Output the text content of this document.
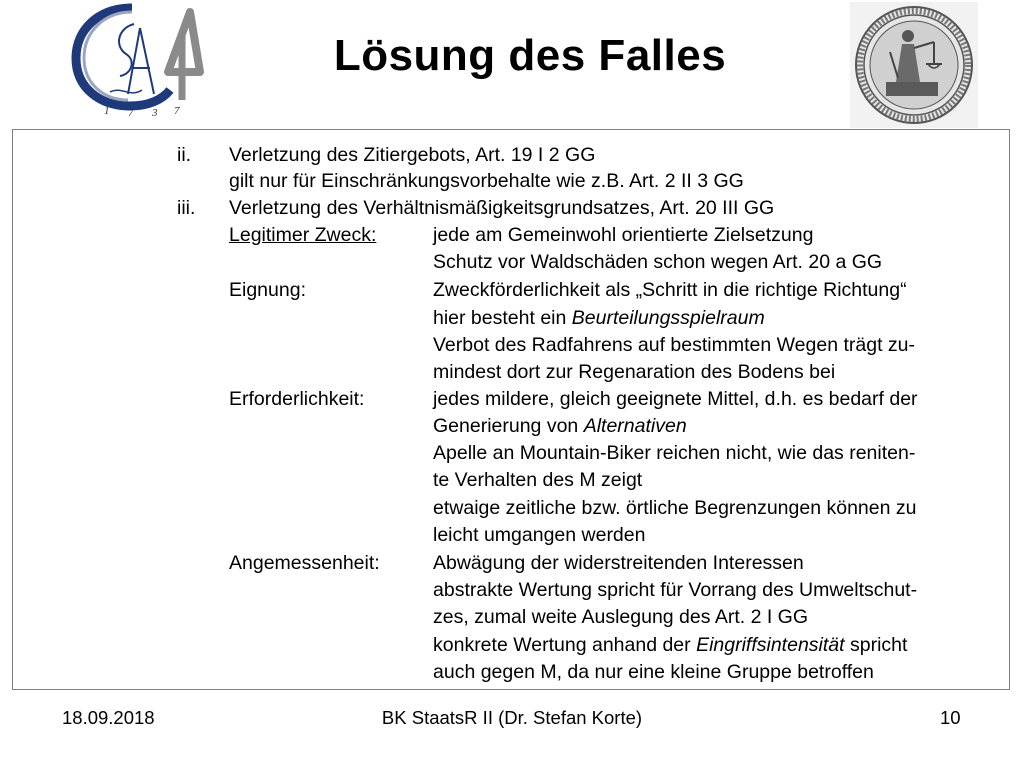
1 7 3 7
Lösung des Falles
ii. Verletzung des Zitiergebots, Art. 19 I 2 GG
gilt nur für Einschränkungsvorbehalte wie z.B. Art. 2 II 3 GG
iii. Verletzung des Verhältnismäßigkeitsgrundsatzes, Art. 20 III GG
Legitimer Zweck:	jede am Gemeinwohl orientierte Zielsetzung
Schutz vor Waldschäden schon wegen Art. 20 a GG
Eignung:	Zweckförderlichkeit als „Schritt in die richtige Richtung“
hier besteht ein Beurteilungsspielraum
Verbot des Radfahrens auf bestimmten Wegen trägt zu-
mindest dort zur Regenaration des Bodens bei
Erforderlichkeit:	jedes mildere, gleich geeignete Mittel, d.h. es bedarf der
Generierung von Alternativen
Apelle an Mountain-Biker reichen nicht, wie das reniten-
te Verhalten des M zeigt
etwaige zeitliche bzw. örtliche Begrenzungen können zu
leicht umgangen werden
Angemessenheit:	Abwägung der widerstreitenden Interessen
abstrakte Wertung spricht für Vorrang des Umweltschut-
zes, zumal weite Auslegung des Art. 2 I GG
konkrete Wertung anhand der Eingriffsintensität spricht
auch gegen M, da nur eine kleine Gruppe betroffen
18.09.2018	BK StaatsR II (Dr. Stefan Korte)	10
